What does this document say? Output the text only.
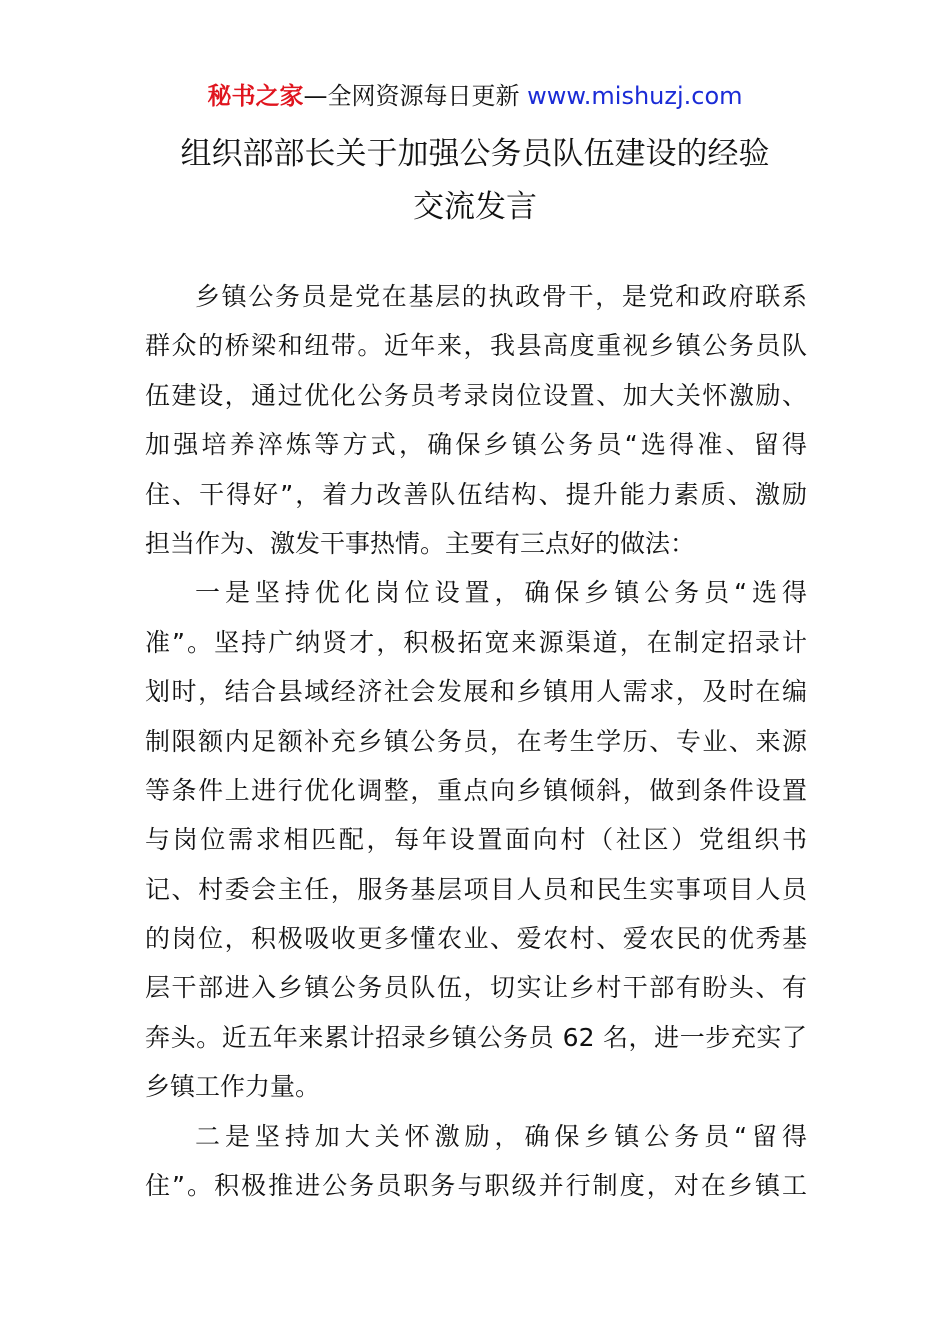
秘书之家—全网资源每日更新 www.mishuzj.com
组织部部长关于加强公务员队伍建设的经验
交流发言
乡镇公务员是党在基层的执政骨干，是党和政府联系
群众的桥梁和纽带。近年来，我县高度重视乡镇公务员队
伍建设，通过优化公务员考录岗位设置、加大关怀激励、
加强培养淬炼等方式，确保乡镇公务员“选得准、留得
住、干得好”，着力改善队伍结构、提升能力素质、激励
担当作为、激发干事热情。主要有三点好的做法：
一是坚持优化岗位设置，确保乡镇公务员“选得
准”。坚持广纳贤才，积极拓宽来源渠道，在制定招录计
划时，结合县域经济社会发展和乡镇用人需求，及时在编
制限额内足额补充乡镇公务员，在考生学历、专业、来源
等条件上进行优化调整，重点向乡镇倾斜，做到条件设置
与岗位需求相匹配，每年设置面向村（社区）党组织书
记、村委会主任，服务基层项目人员和民生实事项目人员
的岗位，积极吸收更多懂农业、爱农村、爱农民的优秀基
层干部进入乡镇公务员队伍，切实让乡村干部有盼头、有
奔头。近五年来累计招录乡镇公务员 62 名，进一步充实了
乡镇工作力量。
二是坚持加大关怀激励，确保乡镇公务员“留得
住”。积极推进公务员职务与职级并行制度，对在乡镇工
